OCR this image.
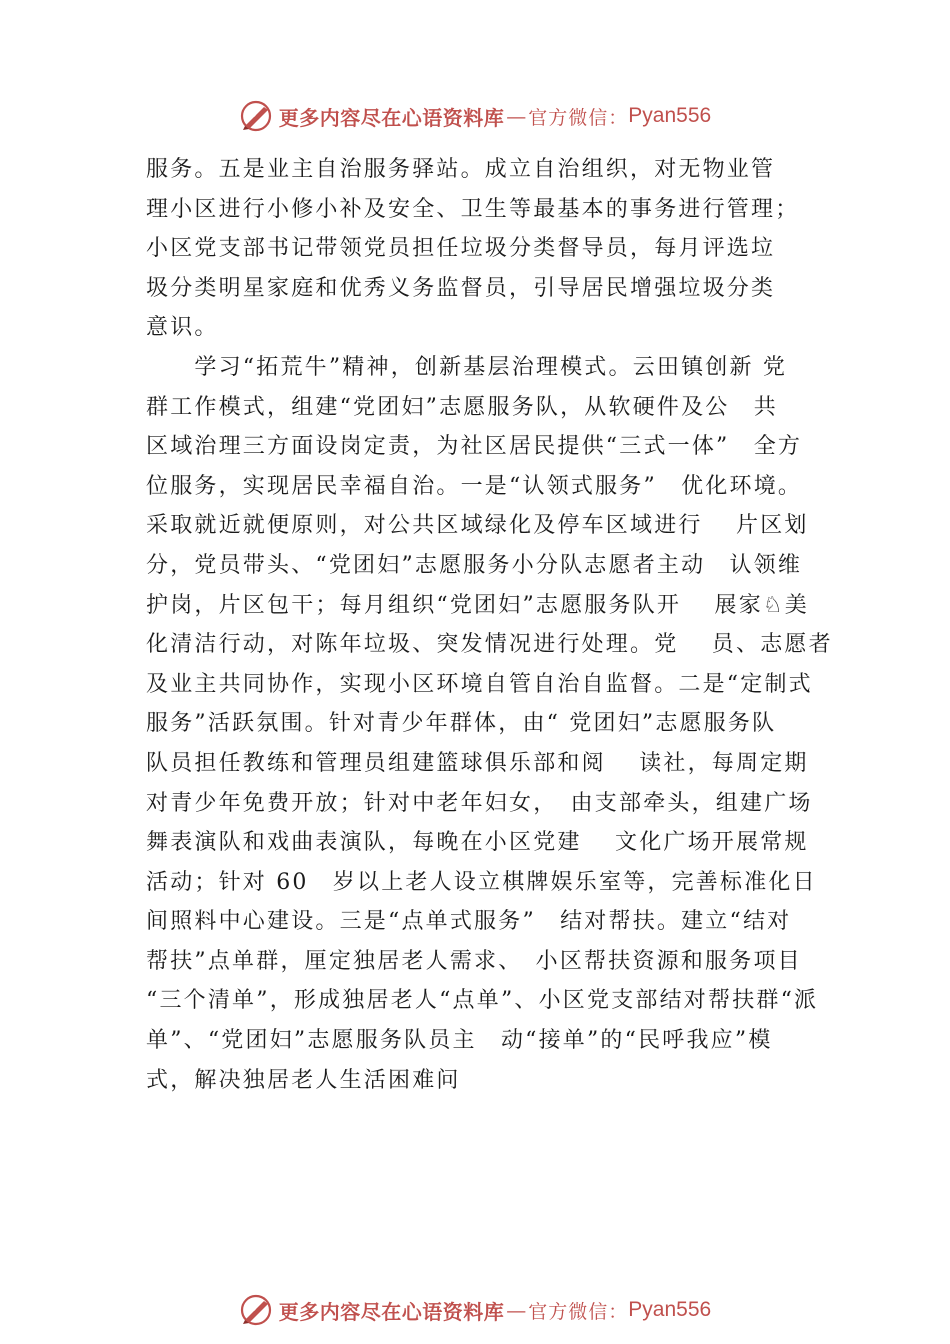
更多内容尽在心语资料库 — 官方微信： Pyan556
服务。五是业主自治服务驿站。成立自治组织，对无物业管
理小区进行小修小补及安全、卫生等最基本的事务进行管理；
小区党支部书记带领党员担任垃圾分类督导员，每月评选垃
圾分类明星家庭和优秀义务监督员，引导居民增强垃圾分类
意识。
　　学习“拓荒牛”精神，创新基层治理模式。云田镇创新 党
群工作模式，组建“党团妇”志愿服务队，从软硬件及公　共
区域治理三方面设岗定责，为社区居民提供“三式一体”　全方
位服务，实现居民幸福自治。一是“认领式服务”　优化环境。
采取就近就便原则，对公共区域绿化及停车区域进行　 片区划
分，党员带头、“党团妇”志愿服务小分队志愿者主动　认领维
护岗，片区包干；每月组织“党团妇”志愿服务队开　 展家♘美
化清洁行动，对陈年垃圾、突发情况进行处理。党　 员、志愿者
及业主共同协作，实现小区环境自管自治自监督。二是“定制式
服务”活跃氛围。针对青少年群体，由“ 党团妇”志愿服务队
队员担任教练和管理员组建篮球俱乐部和阅　 读社，每周定期
对青少年免费开放；针对中老年妇女，　由支部牵头，组建广场
舞表演队和戏曲表演队，每晚在小区党建　 文化广场开展常规
活动；针对 60　岁以上老人设立棋牌娱乐室等，完善标准化日
间照料中心建设。三是“点单式服务”　结对帮扶。建立“结对
帮扶”点单群，厘定独居老人需求、　小区帮扶资源和服务项目
“三个清单”，形成独居老人“点单”、小区党支部结对帮扶群“派
单”、“党团妇”志愿服务队员主　动“接单”的“民呼我应”模
式，解决独居老人生活困难问
更多内容尽在心语资料库 — 官方微信： Pyan556
